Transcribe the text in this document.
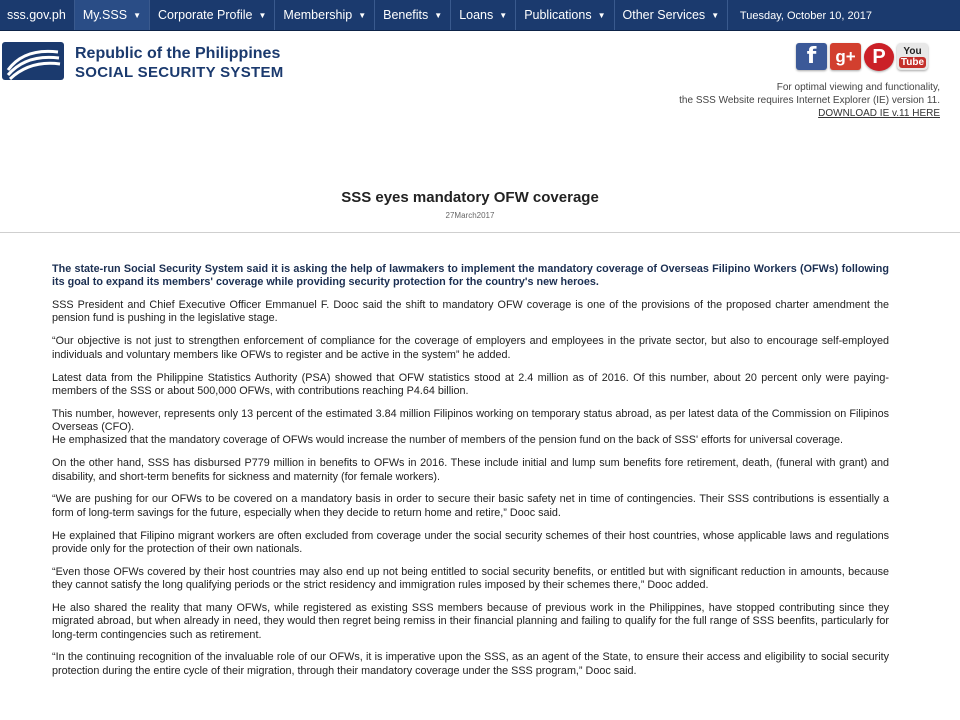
sss.gov.ph My.SSS ▼ Corporate Profile ▼ Membership ▼ Benefits ▼ Loans ▼ Publications ▼ Other Services ▼ Tuesday, October 10, 2017
Republic of the Philippines
SOCIAL SECURITY SYSTEM
f g+ P You
Tube
For optimal viewing and functionality,
the SSS Website requires Internet Explorer (IE) version 11.
DOWNLOAD IE v.11 HERE
SSS eyes mandatory OFW coverage
27March2017

The state-run Social Security System said it is asking the help of lawmakers to implement the mandatory coverage of Overseas Filipino Workers (OFWs) following its goal to expand its members' coverage while providing security protection for the country's new heroes.

SSS President and Chief Executive Officer Emmanuel F. Dooc said the shift to mandatory OFW coverage is one of the provisions of the proposed charter amendment the pension fund is pushing in the legislative stage.

“Our objective is not just to strengthen enforcement of compliance for the coverage of employers and employees in the private sector, but also to encourage self-employed individuals and voluntary members like OFWs to register and be active in the system” he added.

Latest data from the Philippine Statistics Authority (PSA) showed that OFW statistics stood at 2.4 million as of 2016. Of this number, about 20 percent only were paying-members of the SSS or about 500,000 OFWs, with contributions reaching P4.64 billion.

This number, however, represents only 13 percent of the estimated 3.84 million Filipinos working on temporary status abroad, as per latest data of the Commission on Filipinos Overseas (CFO).

He emphasized that the mandatory coverage of OFWs would increase the number of members of the pension fund on the back of SSS' efforts for universal coverage.

On the other hand, SSS has disbursed P779 million in benefits to OFWs in 2016. These include initial and lump sum benefits fore retirement, death, (funeral with grant) and disability, and short-term benefits for sickness and maternity (for female workers).

“We are pushing for our OFWs to be covered on a mandatory basis in order to secure their basic safety net in time of contingencies. Their SSS contributions is essentially a form of long-term savings for the future, especially when they decide to return home and retire,” Dooc said.

He explained that Filipino migrant workers are often excluded from coverage under the social security schemes of their host countries, whose applicable laws and regulations provide only for the protection of their own nationals.

“Even those OFWs covered by their host countries may also end up not being entitled to social security benefits, or entitled but with significant reduction in amounts, because they cannot satisfy the long qualifying periods or the strict residency and immigration rules imposed by their schemes there,” Dooc added.

He also shared the reality that many OFWs, while registered as existing SSS members because of previous work in the Philippines, have stopped contributing since they migrated abroad, but when already in need, they would then regret being remiss in their financial planning and failing to qualify for the full range of SSS beenfits, particularly for long-term contingencies such as retirement.

“In the continuing recognition of the invaluable role of our OFWs, it is imperative upon the SSS, as an agent of the State, to ensure their access and eligibility to social security protection during the entire cycle of their migration, through their mandatory coverage under the SSS program,” Dooc said.
